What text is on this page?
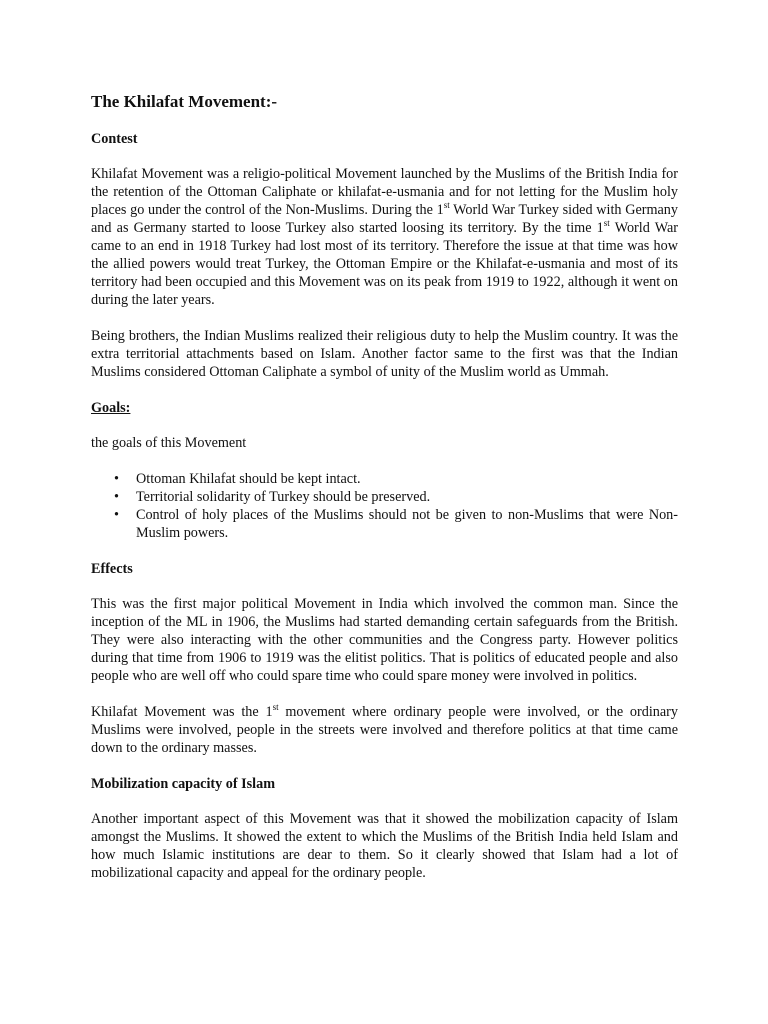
The Khilafat Movement:-
Contest

Khilafat Movement was a religio-political Movement launched by the Muslims of the British India for the retention of the Ottoman Caliphate or khilafat-e-usmania and for not letting for the Muslim holy places go under the control of the Non-Muslims. During the 1st World War Turkey sided with Germany and as Germany started to loose Turkey also started loosing its territory. By the time 1st World War came to an end in 1918 Turkey had lost most of its territory. Therefore the issue at that time was how the allied powers would treat Turkey, the Ottoman Empire or the Khilafat-e-usmania and most of its territory had been occupied and this Movement was on its peak from 1919 to 1922, although it went on during the later years.

Being brothers, the Indian Muslims realized their religious duty to help the Muslim country. It was the extra territorial attachments based on Islam. Another factor same to the first was that the Indian Muslims considered Ottoman Caliphate a symbol of unity of the Muslim world as Ummah.

Goals:

the goals of this Movement

• Ottoman Khilafat should be kept intact.
• Territorial solidarity of Turkey should be preserved.
• Control of holy places of the Muslims should not be given to non-Muslims that were Non-Muslim powers.
Effects

This was the first major political Movement in India which involved the common man. Since the inception of the ML in 1906, the Muslims had started demanding certain safeguards from the British. They were also interacting with the other communities and the Congress party. However politics during that time from 1906 to 1919 was the elitist politics. That is politics of educated people and also people who are well off who could spare time who could spare money were involved in politics.

Khilafat Movement was the 1st movement where ordinary people were involved, or the ordinary Muslims were involved, people in the streets were involved and therefore politics at that time came down to the ordinary masses.

Mobilization capacity of Islam

Another important aspect of this Movement was that it showed the mobilization capacity of Islam amongst the Muslims. It showed the extent to which the Muslims of the British India held Islam and how much Islamic institutions are dear to them. So it clearly showed that Islam had a lot of mobilizational capacity and appeal for the ordinary people.
